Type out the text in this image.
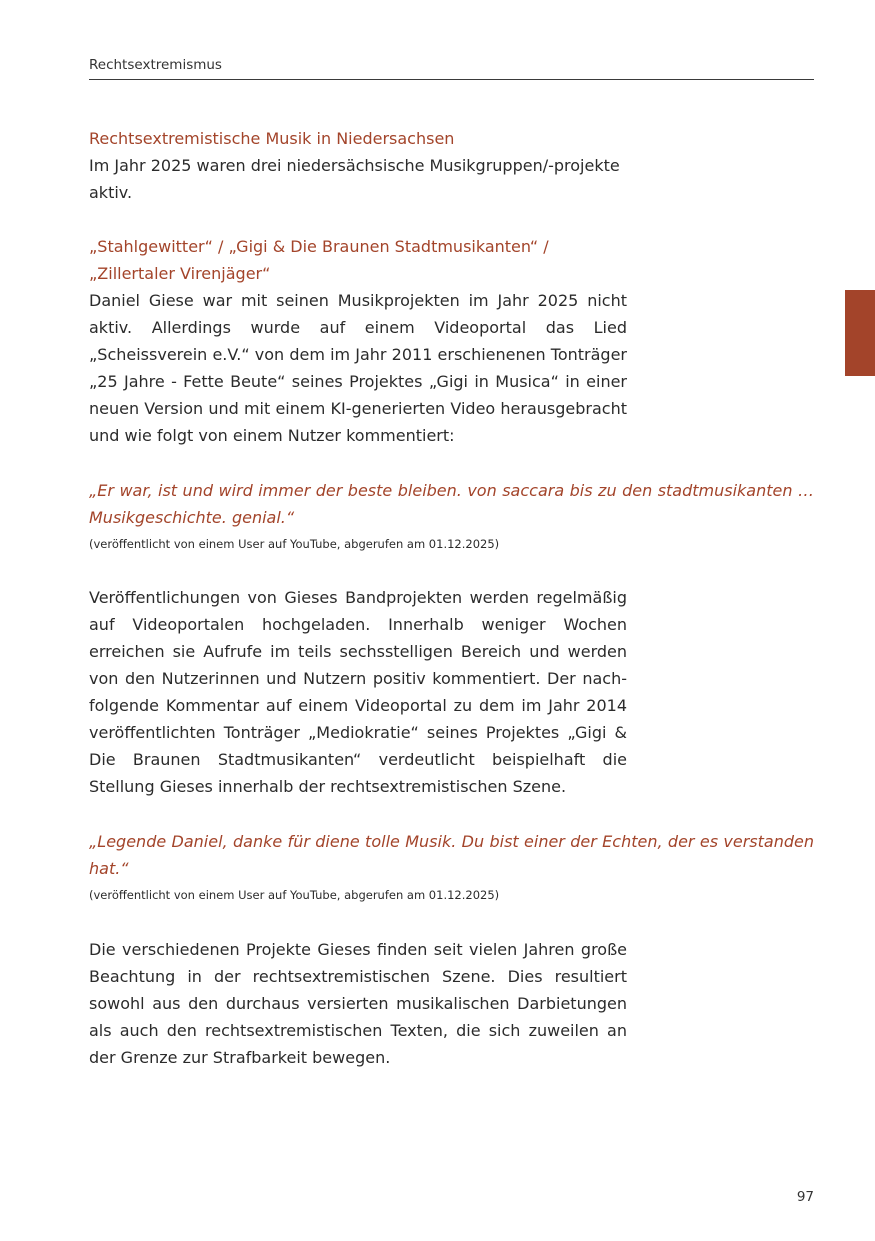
Rechtsextremismus

Rechtsextremistische Musik in Niedersachsen

Im Jahr 2025 waren drei niedersächsische Musikgruppen/-projekte aktiv.

„Stahlgewitter“ / „Gigi & Die Braunen Stadtmusikanten“ /

„Zillertaler Virenjäger“

Daniel Giese war mit seinen Musikprojekten im Jahr 2025 nicht aktiv. Allerdings wurde auf einem Videoportal das Lied „Scheissverein e.V.“ von dem im Jahr 2011 erschienenen Tonträger „25 Jahre - Fette Beute“ seines Projektes „Gigi in Musica“ in einer neuen Version und mit einem KI-generierten Video herausgebracht und wie folgt von einem Nutzer kommentiert:

„Er war, ist und wird immer der beste bleiben. von saccara bis zu den stadtmusikanten … Musikgeschichte. genial.“

(veröffentlicht von einem User auf YouTube, abgerufen am 01.12.2025)

Veröffentlichungen von Gieses Bandprojekten werden regelmäßig auf Videoportalen hochgeladen. Innerhalb weniger Wochen erreichen sie Aufrufe im teils sechsstelligen Bereich und werden von den Nutzerinnen und Nutzern positiv kommentiert. Der nachfolgende Kommentar auf einem Videoportal zu dem im Jahr 2014 veröffentlichten Tonträger „Mediokratie“ seines Projektes „Gigi & Die Braunen Stadtmusikanten“ verdeutlicht beispielhaft die Stellung Gieses innerhalb der rechtsextremistischen Szene.

„Legende Daniel, danke für diene tolle Musik. Du bist einer der Echten, der es verstanden hat.“

(veröffentlicht von einem User auf YouTube, abgerufen am 01.12.2025)

Die verschiedenen Projekte Gieses finden seit vielen Jahren große Beachtung in der rechtsextremistischen Szene. Dies resultiert sowohl aus den durchaus versierten musikalischen Darbietungen als auch den rechtsextremistischen Texten, die sich zuweilen an der Grenze zur Strafbarkeit bewegen.

97
